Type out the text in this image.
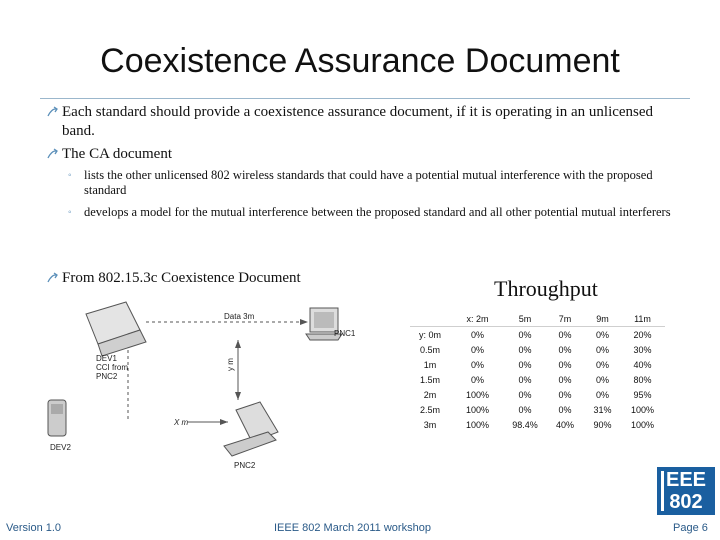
Coexistence Assurance Document
Each standard should provide a coexistence assurance document, if it is operating in an unlicensed band.
The CA document
◦ lists the other unlicensed 802 wireless standards that could have a potential mutual interference with the proposed standard
◦ develops a model for the mutual interference between the proposed standard and all other potential mutual interferers
From 802.15.3c Coexistence Document
Data 3m
PNC1
DEV1
CCI from
PNC2
y m
X m
DEV2
PNC2
Throughput
	x: 2m	5m	7m	9m	11m
y: 0m	0%	0%	0%	0%	20%
0.5m	0%	0%	0%	0%	30%
1m	0%	0%	0%	0%	40%
1.5m	0%	0%	0%	0%	80%
2m	100%	0%	0%	0%	95%
2.5m	100%	0%	0%	31%	100%
3m	100%	98.4%	40%	90%	100%
EEE
802
Version 1.0	IEEE 802 March 2011 workshop	Page 6
